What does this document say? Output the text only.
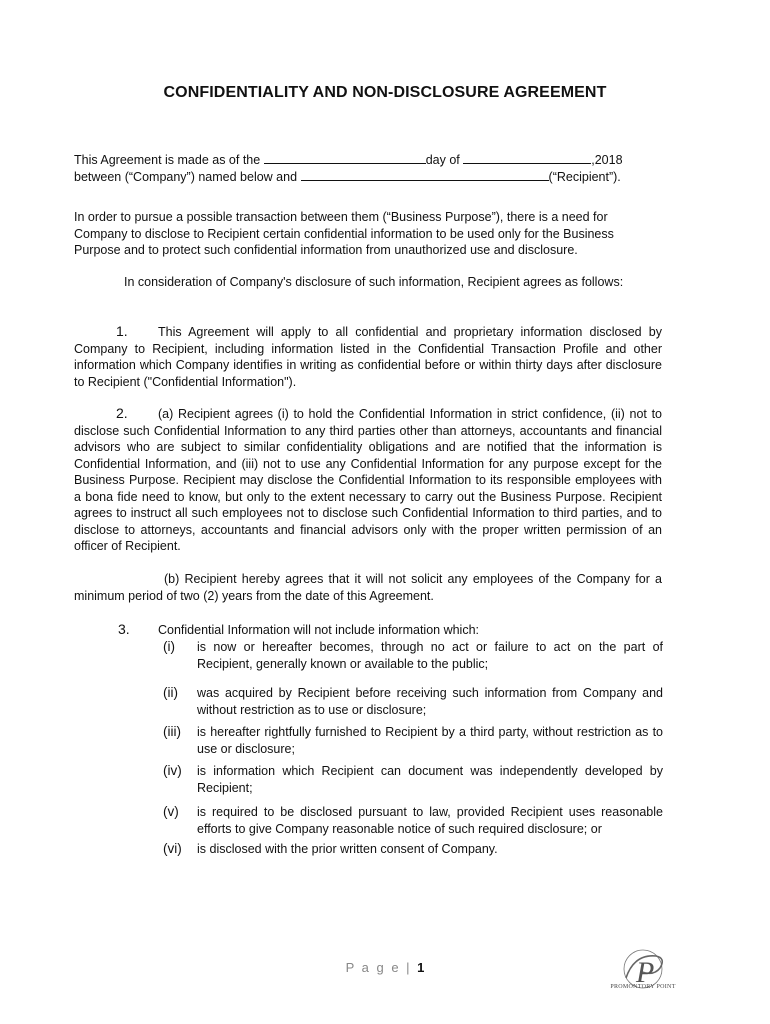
CONFIDENTIALITY AND NON-DISCLOSURE AGREEMENT
This Agreement is made as of the	day of	,2018
between (“Company”) named below and	(“Recipient”).
In order to pursue a possible transaction between them (“Business Purpose”), there is a need for Company to disclose to Recipient certain confidential information to be used only for the Business Purpose and to protect such confidential information from unauthorized use and disclosure.
In consideration of Company's disclosure of such information, Recipient agrees as follows:
1. This Agreement will apply to all confidential and proprietary information disclosed by Company to Recipient, including information listed in the Confidential Transaction Profile and other information which Company identifies in writing as confidential before or within thirty days after disclosure to Recipient ("Confidential Information").
2. (a) Recipient agrees (i) to hold the Confidential Information in strict confidence, (ii) not to disclose such Confidential Information to any third parties other than attorneys, accountants and financial advisors who are subject to similar confidentiality obligations and are notified that the information is Confidential Information, and (iii) not to use any Confidential Information for any purpose except for the Business Purpose. Recipient may disclose the Confidential Information to its responsible employees with a bona fide need to know, but only to the extent necessary to carry out the Business Purpose. Recipient agrees to instruct all such employees not to disclose such Confidential Information to third parties, and to disclose to attorneys, accountants and financial advisors only with the proper written permission of an officer of Recipient.
(b) Recipient hereby agrees that it will not solicit any employees of the Company for a minimum period of two (2) years from the date of this Agreement.
3. Confidential Information will not include information which:
(i) is now or hereafter becomes, through no act or failure to act on the part of Recipient, generally known or available to the public;
(ii) was acquired by Recipient before receiving such information from Company and without restriction as to use or disclosure;
(iii) is hereafter rightfully furnished to Recipient by a third party, without restriction as to use or disclosure;
(iv) is information which Recipient can document was independently developed by Recipient;
(v) is required to be disclosed pursuant to law, provided Recipient uses reasonable efforts to give Company reasonable notice of such required disclosure; or
(vi) is disclosed with the prior written consent of Company.
P a g e | 1	P
PROMONTORY POINT
